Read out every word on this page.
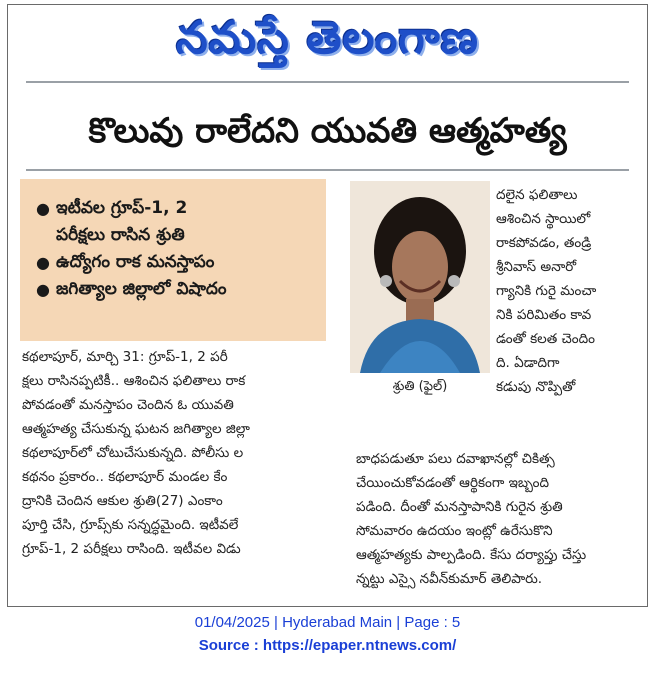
నమస్తే తెలంగాణ
కొలువు రాలేదని యువతి ఆత్మహత్య
● ఇటీవల గ్రూప్-1, 2
పరీక్షలు రాసిన శ్రుతి
● ఉద్యోగం రాక మనస్తాపం
● జగిత్యాల జిల్లాలో విషాదం
శ్రుతి (ఫైల్)
కథలాపూర్‌, మార్చి 31: గ్రూప్‌-1, 2 పరీ
క్షలు రాసినప్పటికీ.. ఆశించిన ఫలితాలు రాక
పోవడంతో మనస్తాపం చెందిన ఓ యువతి
ఆత్మహత్య చేసుకున్న ఘటన జగిత్యాల జిల్లా
కథలాపూర్‌లో చోటుచేసుకున్నది. పోలీసు ల
కథనం ప్రకారం.. కథలాపూర్‌ మండల కేం
ద్రానికి చెందిన ఆకుల శ్రుతి(27) ఎంకాం
పూర్తి చేసి, గ్రూప్స్‌కు సన్నద్ధమైంది. ఇటీవలే
గ్రూప్‌-1, 2 పరీక్షలు రాసింది. ఇటీవల విడు
దలైన ఫలితాలు
ఆశించిన స్థాయిలో
రాకపోవడం, తండ్రి
శ్రీనివాస్‌ అనారో
గ్యానికి గురై మంచా
నికి పరిమితం కావ
డంతో కలత చెందిం
ది. ఏడాదిగా
కడుపు నొప్పితో
బాధపడుతూ పలు దవాఖానల్లో చికిత్స
చేయించుకోవడంతో ఆర్థికంగా ఇబ్బంది
పడింది. దీంతో మనస్తాపానికి గురైన శ్రుతి
సోమవారం ఉదయం ఇంట్లో ఉరేసుకొని
ఆత్మహత్యకు పాల్పడింది. కేసు దర్యాప్తు చేస్తు
న్నట్టు ఎస్సై నవీన్‌కుమార్‌ తెలిపారు.
01/04/2025 | Hyderabad Main | Page : 5
Source : https://epaper.ntnews.com/
